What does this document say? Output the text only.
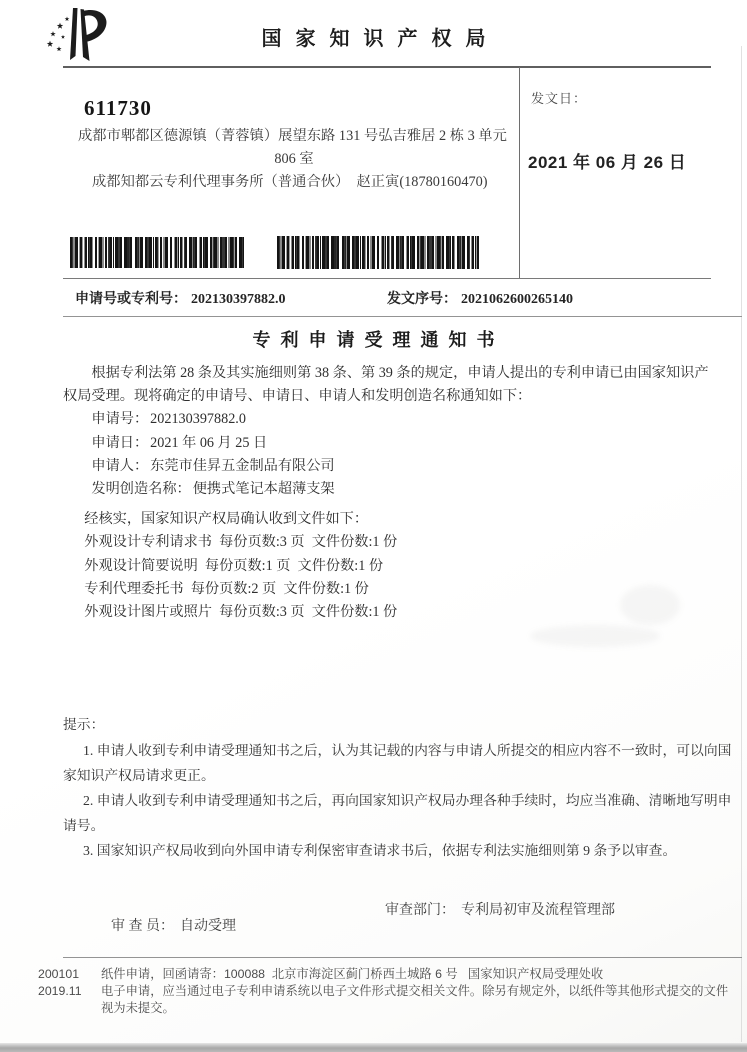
国家知识产权局
发文日：
2021 年 06 月 26 日
611730
成都市郫都区德源镇（菁蓉镇）展望东路 131 号弘吉雅居 2 栋 3 单元
806 室
成都知都云专利代理事务所（普通合伙）  赵正寅(18780160470)
申请号或专利号： 202130397882.0	发文序号： 2021062600265140
专利申请受理通知书

根据专利法第 28 条及其实施细则第 38 条、第 39 条的规定，申请人提出的专利申请已由国家知识产权局受理。现将确定的申请号、申请日、申请人和发明创造名称通知如下：

申请号： 202130397882.0
申请日： 2021 年 06 月 25 日
申请人： 东莞市佳昇五金制品有限公司
发明创造名称： 便携式笔记本超薄支架
经核实，国家知识产权局确认收到文件如下：
外观设计专利请求书  每份页数:3 页  文件份数:1 份
外观设计简要说明  每份页数:1 页  文件份数:1 份
专利代理委托书  每份页数:2 页  文件份数:1 份
外观设计图片或照片  每份页数:3 页  文件份数:1 份

提示：

1. 申请人收到专利申请受理通知书之后，认为其记载的内容与申请人所提交的相应内容不一致时，可以向国家知识产权局请求更正。

2. 申请人收到专利申请受理通知书之后，再向国家知识产权局办理各种手续时，均应当准确、清晰地写明申请号。

3. 国家知识产权局收到向外国申请专利保密审查请求书后，依据专利法实施细则第 9 条予以审查。

审 查 员： 自动受理

审查部门： 专利局初审及流程管理部
200101 纸件申请，回函请寄：100088  北京市海淀区蓟门桥西土城路 6 号   国家知识产权局受理处收
2019.11 电子申请，应当通过电子专利申请系统以电子文件形式提交相关文件。除另有规定外，以纸件等其他形式提交的文件视为未提交。
